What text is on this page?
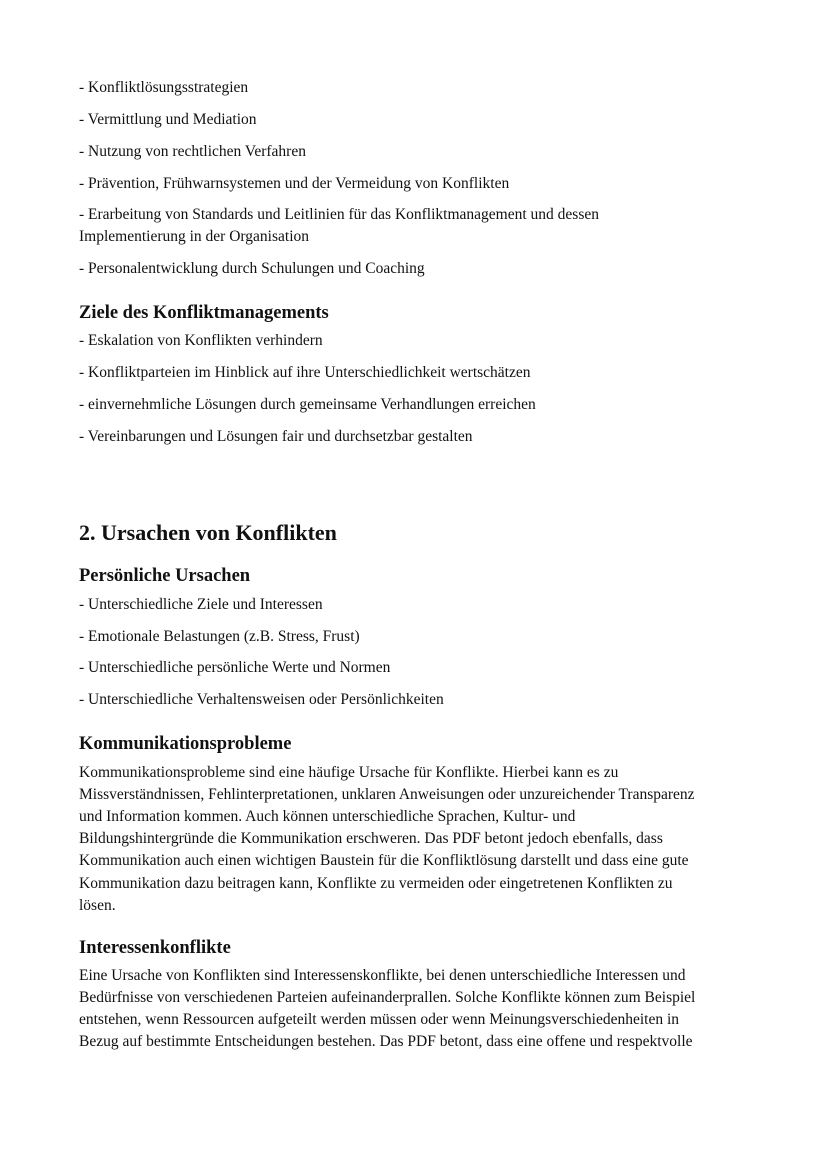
- Konfliktlösungsstrategien
- Vermittlung und Mediation
- Nutzung von rechtlichen Verfahren
- Prävention, Frühwarnsystemen und der Vermeidung von Konflikten
- Erarbeitung von Standards und Leitlinien für das Konfliktmanagement und dessen
Implementierung in der Organisation
- Personalentwicklung durch Schulungen und Coaching
Ziele des Konfliktmanagements
- Eskalation von Konflikten verhindern
- Konfliktparteien im Hinblick auf ihre Unterschiedlichkeit wertschätzen
- einvernehmliche Lösungen durch gemeinsame Verhandlungen erreichen
- Vereinbarungen und Lösungen fair und durchsetzbar gestalten
2. Ursachen von Konflikten
Persönliche Ursachen
- Unterschiedliche Ziele und Interessen
- Emotionale Belastungen (z.B. Stress, Frust)
- Unterschiedliche persönliche Werte und Normen
- Unterschiedliche Verhaltensweisen oder Persönlichkeiten
Kommunikationsprobleme
Kommunikationsprobleme sind eine häufige Ursache für Konflikte. Hierbei kann es zu
Missverständnissen, Fehlinterpretationen, unklaren Anweisungen oder unzureichender Transparenz
und Information kommen. Auch können unterschiedliche Sprachen, Kultur- und
Bildungshintergründe die Kommunikation erschweren. Das PDF betont jedoch ebenfalls, dass
Kommunikation auch einen wichtigen Baustein für die Konfliktlösung darstellt und dass eine gute
Kommunikation dazu beitragen kann, Konflikte zu vermeiden oder eingetretenen Konflikten zu
lösen.
Interessenkonflikte
Eine Ursache von Konflikten sind Interessenskonflikte, bei denen unterschiedliche Interessen und
Bedürfnisse von verschiedenen Parteien aufeinanderprallen. Solche Konflikte können zum Beispiel
entstehen, wenn Ressourcen aufgeteilt werden müssen oder wenn Meinungsverschiedenheiten in
Bezug auf bestimmte Entscheidungen bestehen. Das PDF betont, dass eine offene und respektvolle
